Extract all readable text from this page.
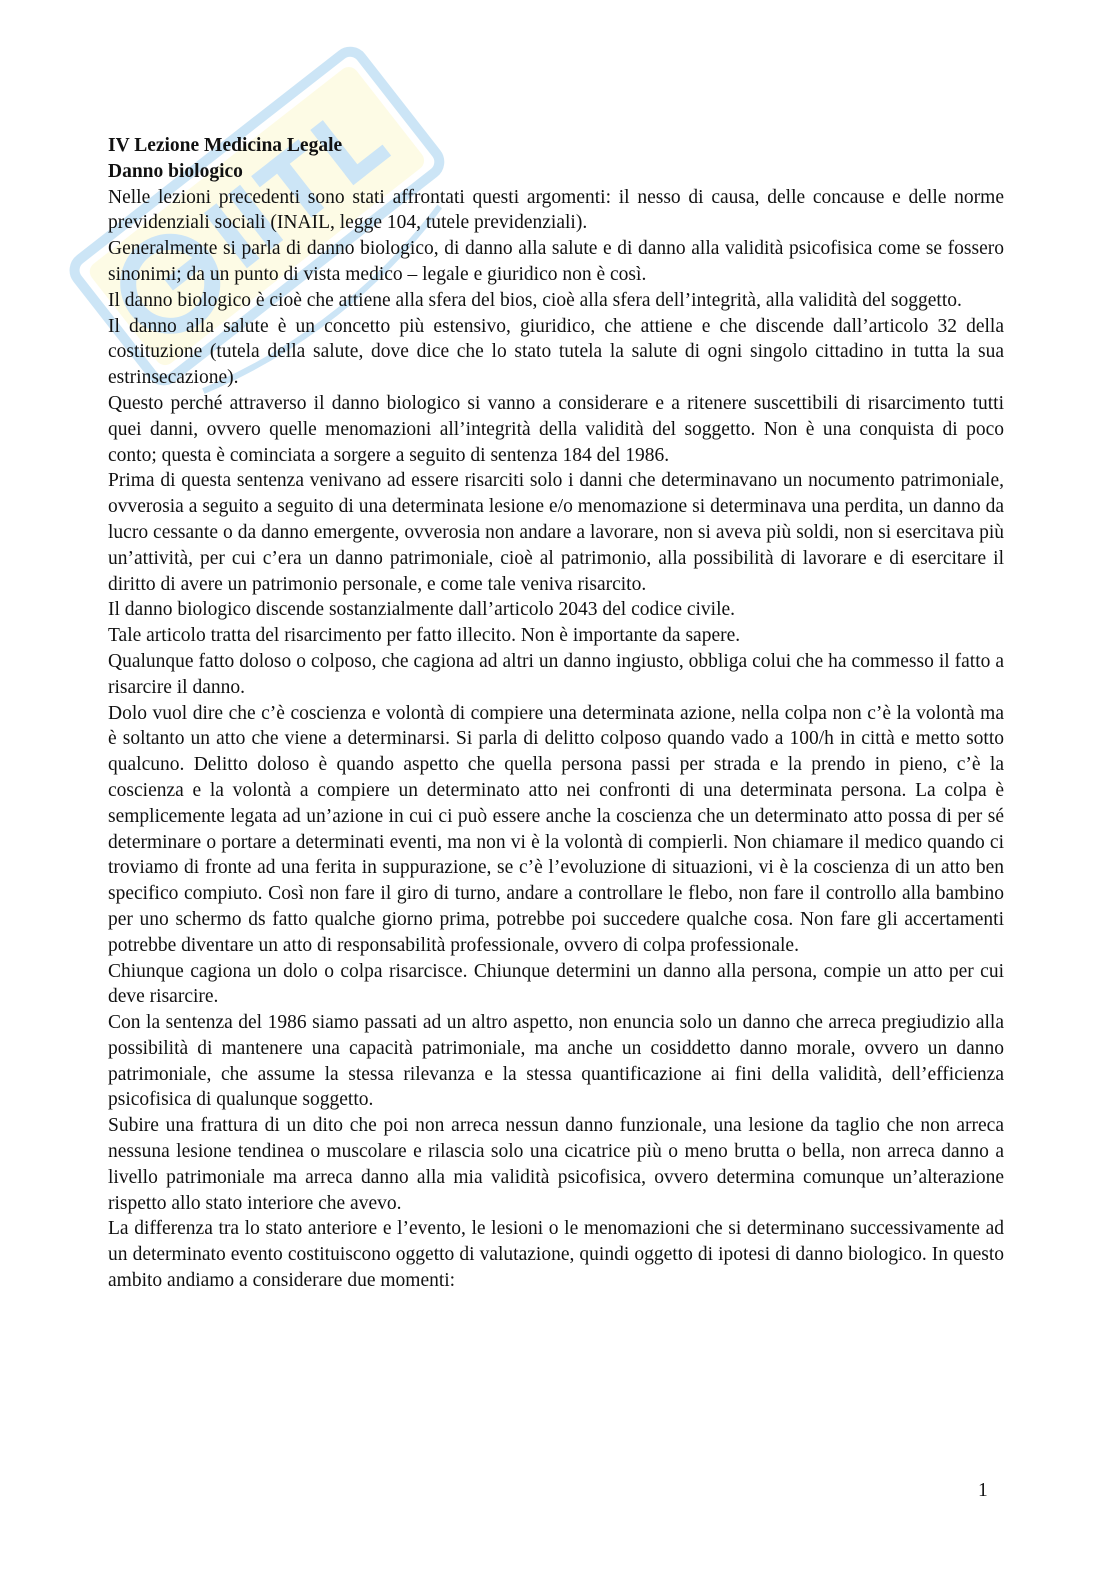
IV Lezione Medicina Legale
Danno biologico

Nelle lezioni precedenti sono stati affrontati questi argomenti: il nesso di causa, delle concause e delle norme previdenziali sociali (INAIL, legge 104, tutele previdenziali).

Generalmente si parla di danno biologico, di danno alla salute e di danno alla validità psicofisica come se fossero sinonimi; da un punto di vista medico – legale e giuridico non è così.

Il danno biologico è cioè che attiene alla sfera del bios, cioè alla sfera dell’integrità, alla validità del soggetto.

Il danno alla salute è un concetto più estensivo, giuridico, che attiene e che discende dall’articolo 32 della costituzione (tutela della salute, dove dice che lo stato tutela la salute di ogni singolo cittadino in tutta la sua estrinsecazione).

Questo perché attraverso il danno biologico si vanno a considerare e a ritenere suscettibili di risarcimento tutti quei danni, ovvero quelle menomazioni all’integrità della validità del soggetto. Non è una conquista di poco conto; questa è cominciata a sorgere a seguito di sentenza 184 del 1986.

Prima di questa sentenza venivano ad essere risarciti solo i danni che determinavano un nocumento patrimoniale, ovverosia a seguito a seguito di una determinata lesione e/o menomazione si determinava una perdita, un danno da lucro cessante o da danno emergente, ovverosia non andare a lavorare, non si aveva più soldi, non si esercitava più un’attività, per cui c’era un danno patrimoniale, cioè al patrimonio, alla possibilità di lavorare e di esercitare il diritto di avere un patrimonio personale, e come tale veniva risarcito.

Il danno biologico discende sostanzialmente dall’articolo 2043 del codice civile.

Tale articolo tratta del risarcimento per fatto illecito. Non è importante da sapere.

Qualunque fatto doloso o colposo, che cagiona ad altri un danno ingiusto, obbliga colui che ha commesso il fatto a risarcire il danno.

Dolo vuol dire che c’è coscienza e volontà di compiere una determinata azione, nella colpa non c’è la volontà ma è soltanto un atto che viene a determinarsi. Si parla di delitto colposo quando vado a 100/h in città e metto sotto qualcuno. Delitto doloso è quando aspetto che quella persona passi per strada e la prendo in pieno, c’è la coscienza e la volontà a compiere un determinato atto nei confronti di una determinata persona. La colpa è semplicemente legata ad un’azione in cui ci può essere anche la coscienza che un determinato atto possa di per sé determinare o portare a determinati eventi, ma non vi è la volontà di compierli. Non chiamare il medico quando ci troviamo di fronte ad una ferita in suppurazione, se c’è l’evoluzione di situazioni, vi è la coscienza di un atto ben specifico compiuto. Così non fare il giro di turno, andare a controllare le flebo, non fare il controllo alla bambino per uno schermo ds fatto qualche giorno prima, potrebbe poi succedere qualche cosa. Non fare gli accertamenti potrebbe diventare un atto di responsabilità professionale, ovvero di colpa professionale.

Chiunque cagiona un dolo o colpa risarcisce. Chiunque determini un danno alla persona, compie un atto per cui deve risarcire.

Con la sentenza del 1986 siamo passati ad un altro aspetto, non enuncia solo un danno che arreca pregiudizio alla possibilità di mantenere una capacità patrimoniale, ma anche un cosiddetto danno morale, ovvero un danno patrimoniale, che assume la stessa rilevanza e la stessa quantificazione ai fini della validità, dell’efficienza psicofisica di qualunque soggetto.

Subire una frattura di un dito che poi non arreca nessun danno funzionale, una lesione da taglio che non arreca nessuna lesione tendinea o muscolare e rilascia solo una cicatrice più o meno brutta o bella, non arreca danno a livello patrimoniale ma arreca danno alla mia validità psicofisica, ovvero determina comunque un’alterazione rispetto allo stato interiore che avevo.

La differenza tra lo stato anteriore e l’evento, le lesioni o le menomazioni che si determinano successivamente ad un determinato evento costituiscono oggetto di valutazione, quindi oggetto di ipotesi di danno biologico. In questo ambito andiamo a considerare due momenti:

1
